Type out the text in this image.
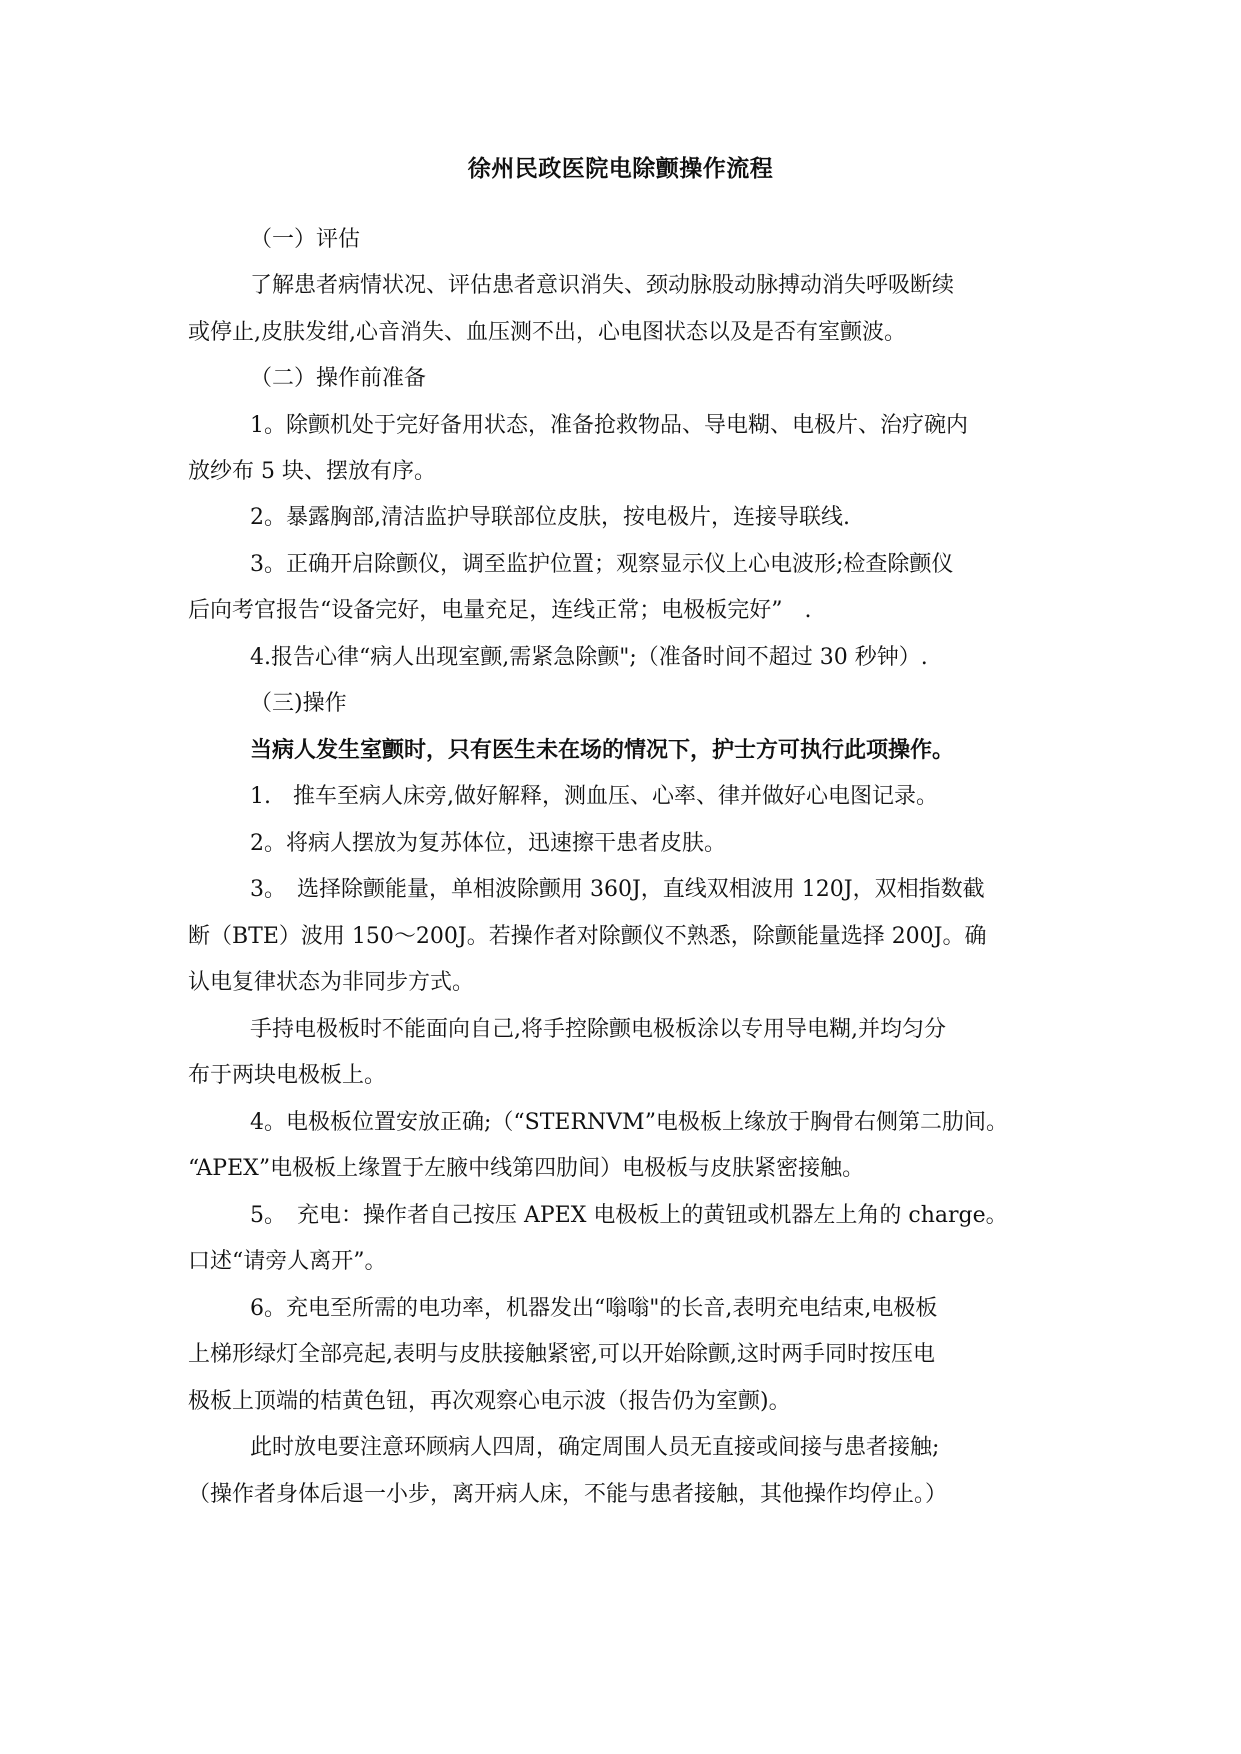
徐州民政医院电除颤操作流程
（一）评估
了解患者病情状况、评估患者意识消失、颈动脉股动脉搏动消失呼吸断续
或停止,皮肤发绀,心音消失、血压测不出，心电图状态以及是否有室颤波。
（二）操作前准备
1。除颤机处于完好备用状态，准备抢救物品、导电糊、电极片、治疗碗内
放纱布 5 块、摆放有序。
2。暴露胸部,清洁监护导联部位皮肤，按电极片，连接导联线.
3。正确开启除颤仪，调至监护位置；观察显示仪上心电波形;检查除颤仪
后向考官报告“设备完好，电量充足，连线正常；电极板完好”　.
4.报告心律“病人出现室颤,需紧急除颤";（准备时间不超过 30 秒钟）.
（三)操作
当病人发生室颤时，只有医生未在场的情况下，护士方可执行此项操作。
1.　推车至病人床旁,做好解释，测血压、心率、律并做好心电图记录。
2。将病人摆放为复苏体位，迅速擦干患者皮肤。
3。　选择除颤能量，单相波除颤用 360J，直线双相波用 120J，双相指数截
断（BTE）波用 150～200J。若操作者对除颤仪不熟悉，除颤能量选择 200J。确
认电复律状态为非同步方式。
手持电极板时不能面向自己,将手控除颤电极板涂以专用导电糊,并均匀分
布于两块电极板上。
4。电极板位置安放正确;（“STERNVM”电极板上缘放于胸骨右侧第二肋间。
“APEX”电极板上缘置于左腋中线第四肋间）电极板与皮肤紧密接触。
5。　充电：操作者自己按压 APEX 电极板上的黄钮或机器左上角的 charge。
口述“请旁人离开”。
6。充电至所需的电功率，机器发出“嗡嗡"的长音,表明充电结束,电极板
上梯形绿灯全部亮起,表明与皮肤接触紧密,可以开始除颤,这时两手同时按压电
极板上顶端的桔黄色钮，再次观察心电示波（报告仍为室颤)。
此时放电要注意环顾病人四周，确定周围人员无直接或间接与患者接触;
（操作者身体后退一小步，离开病人床，不能与患者接触，其他操作均停止。）
